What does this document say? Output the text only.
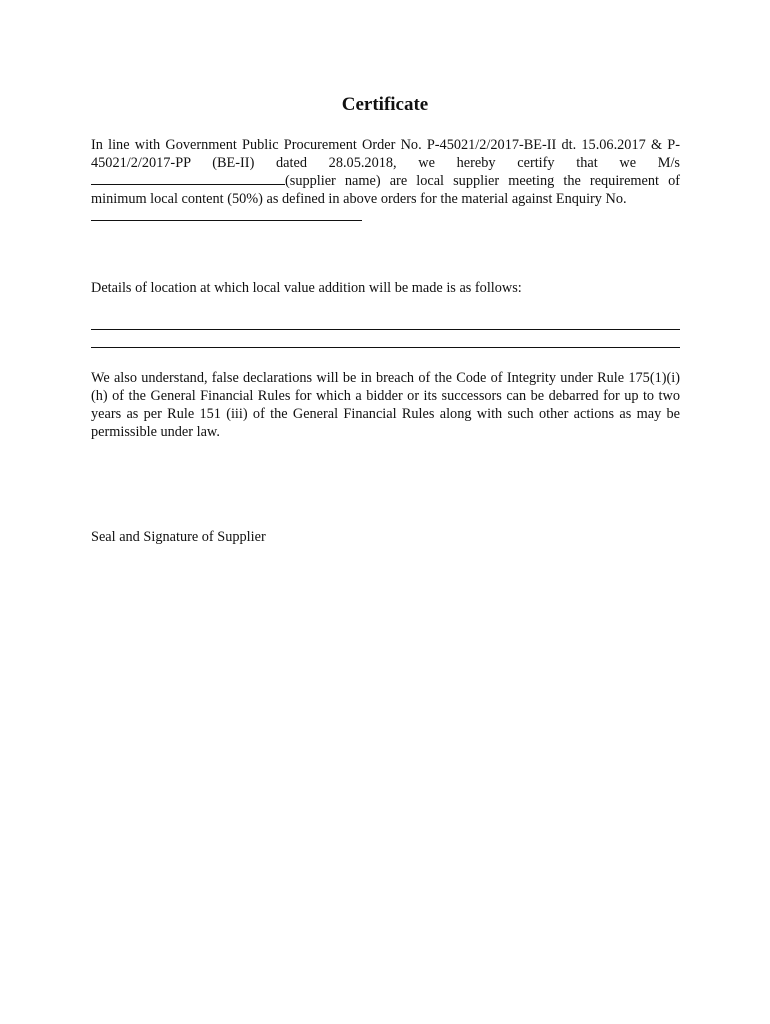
Certificate
In line with Government Public Procurement Order No. P-45021/2/2017-BE-II dt. 15.06.2017 & P-45021/2/2017-PP (BE-II) dated 28.05.2018, we hereby certify that we M/s (supplier name) are local supplier meeting the requirement of minimum local content (50%) as defined in above orders for the material against Enquiry No.
Details of location at which local value addition will be made is as follows:
We also understand, false declarations will be in breach of the Code of Integrity under Rule 175(1)(i)(h) of the General Financial Rules for which a bidder or its successors can be debarred for up to two years as per Rule 151 (iii) of the General Financial Rules along with such other actions as may be permissible under law.
Seal and Signature of Supplier
